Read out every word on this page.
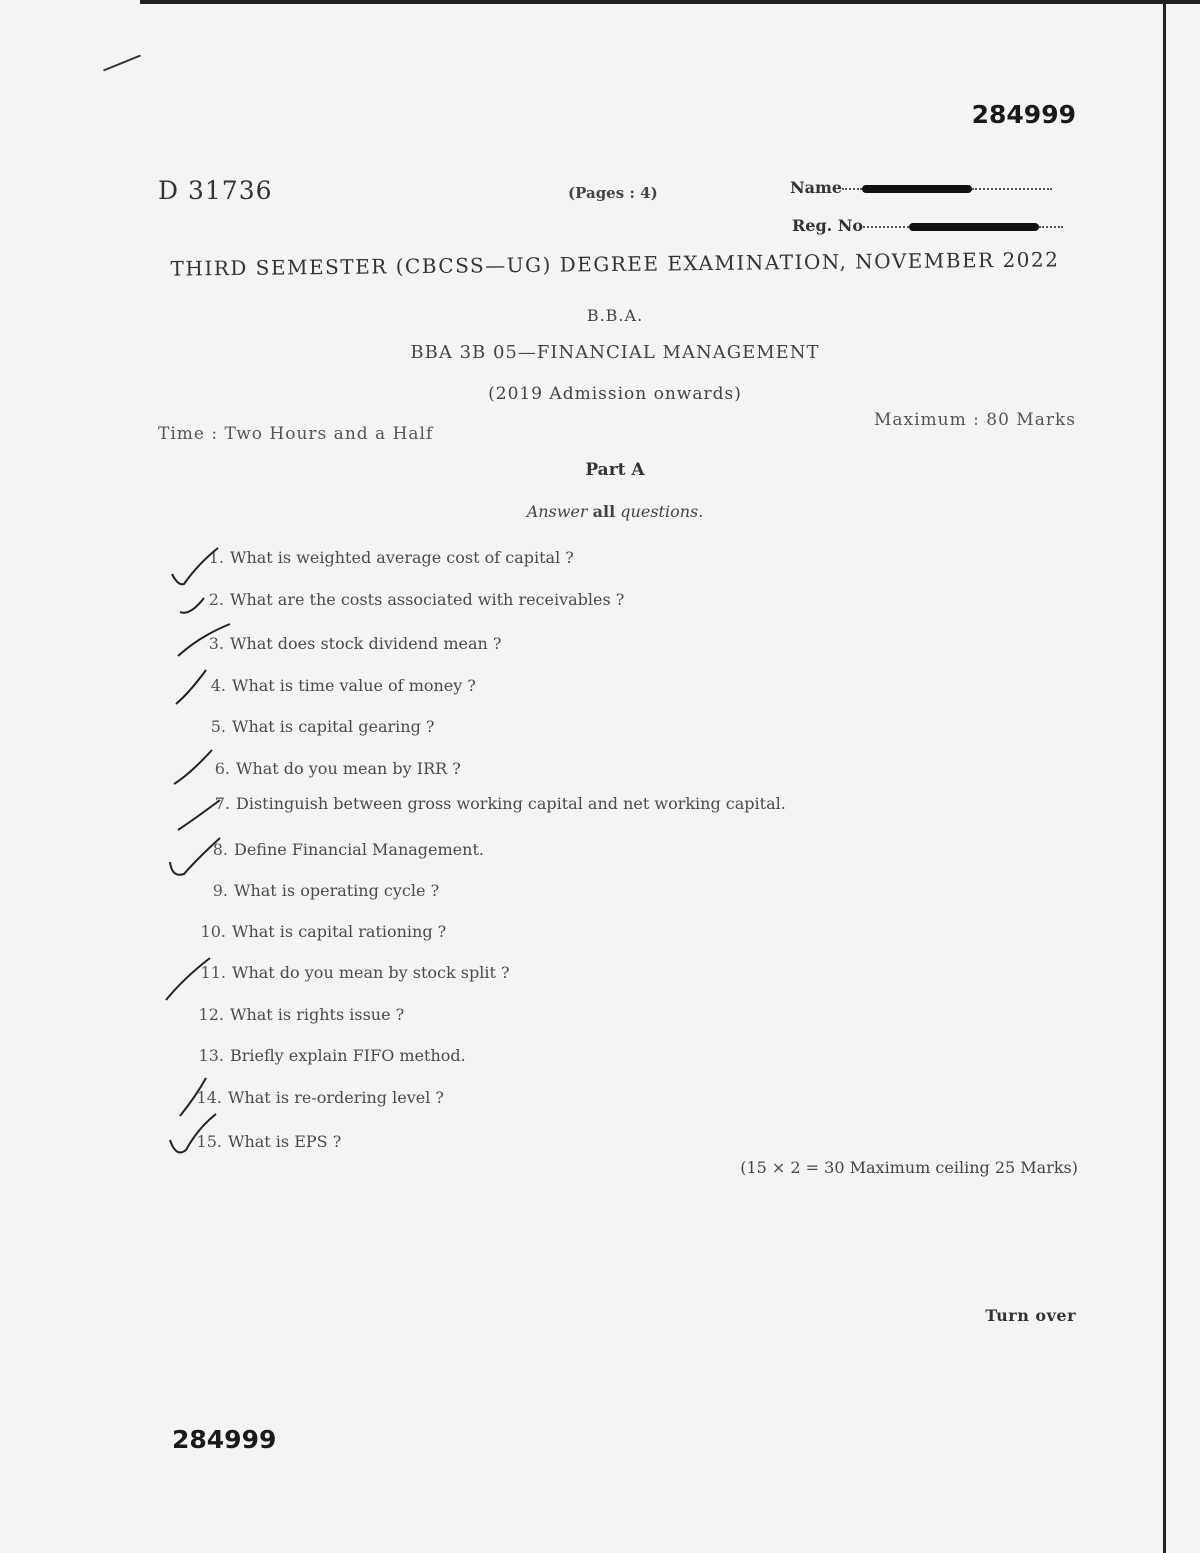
284999
D 31736	(Pages : 4)	Name
Reg. No
THIRD SEMESTER (CBCSS—UG) DEGREE EXAMINATION, NOVEMBER 2022
B.B.A.
BBA 3B 05—FINANCIAL MANAGEMENT
(2019 Admission onwards)
Time : Two Hours and a Half
Maximum : 80 Marks
Part A
Answer all questions.
1. What is weighted average cost of capital ?
2. What are the costs associated with receivables ?
3. What does stock dividend mean ?
4. What is time value of money ?
5. What is capital gearing ?
6. What do you mean by IRR ?
7. Distinguish between gross working capital and net working capital.
8. Define Financial Management.
9. What is operating cycle ?
10. What is capital rationing ?
11. What do you mean by stock split ?
12. What is rights issue ?
13. Briefly explain FIFO method.
14. What is re-ordering level ?
15. What is EPS ?
(15 × 2 = 30 Maximum ceiling 25 Marks)
Turn over
284999
